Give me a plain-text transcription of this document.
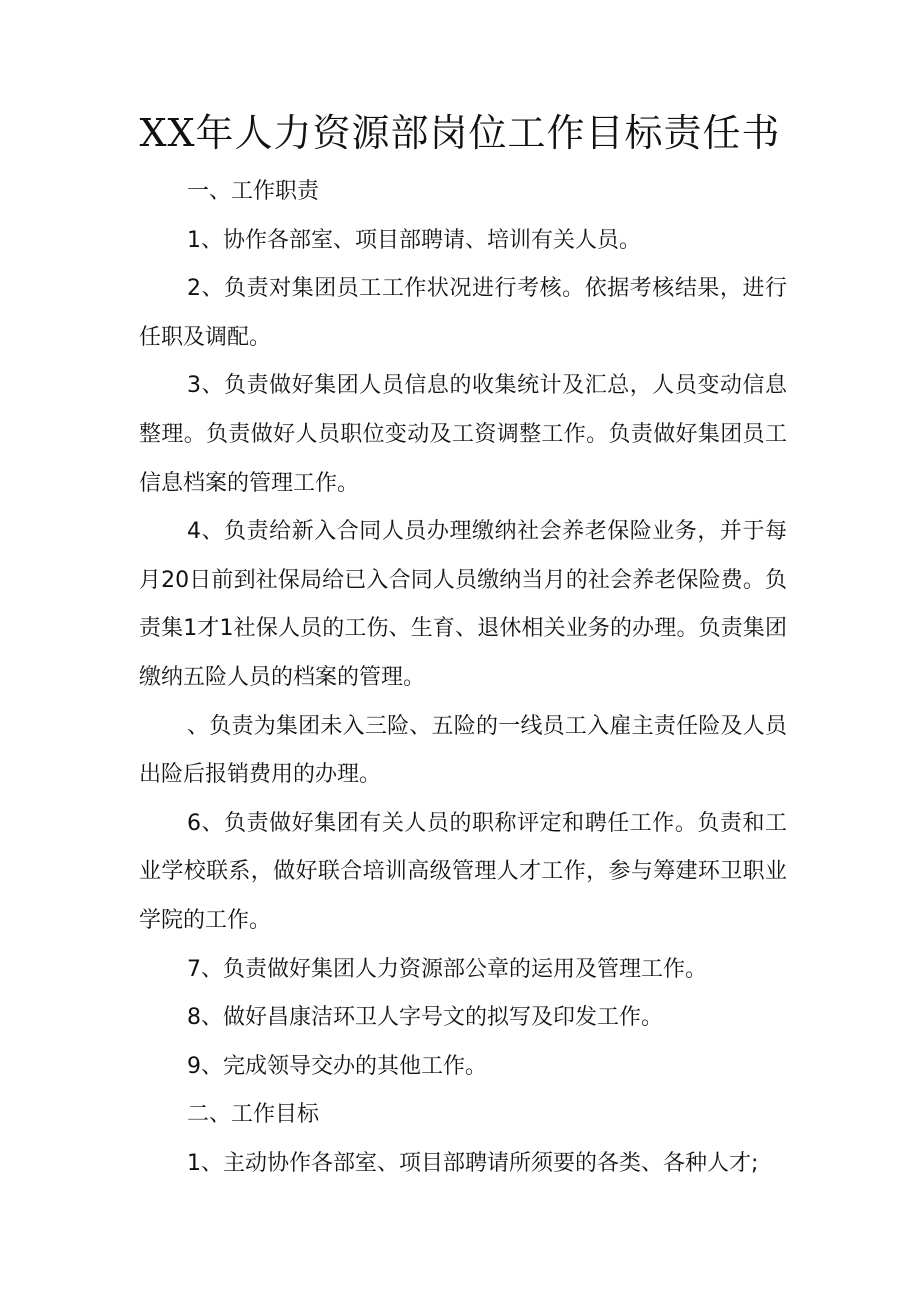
XX年人力资源部岗位工作目标责任书

一、工作职责

1、协作各部室、项目部聘请、培训有关人员。

2、负责对集团员工工作状况进行考核。依据考核结果，进行任职及调配。

3、负责做好集团人员信息的收集统计及汇总，人员变动信息整理。负责做好人员职位变动及工资调整工作。负责做好集团员工信息档案的管理工作。

4、负责给新入合同人员办理缴纳社会养老保险业务，并于每月20日前到社保局给已入合同人员缴纳当月的社会养老保险费。负责集1才1社保人员的工伤、生育、退休相关业务的办理。负责集团缴纳五险人员的档案的管理。

、负责为集团未入三险、五险的一线员工入雇主责任险及人员出险后报销费用的办理。

6、负责做好集团有关人员的职称评定和聘任工作。负责和工业学校联系，做好联合培训高级管理人才工作，参与筹建环卫职业学院的工作。

7、负责做好集团人力资源部公章的运用及管理工作。

8、做好昌康洁环卫人字号文的拟写及印发工作。

9、完成领导交办的其他工作。

二、工作目标

1、主动协作各部室、项目部聘请所须要的各类、各种人才;
